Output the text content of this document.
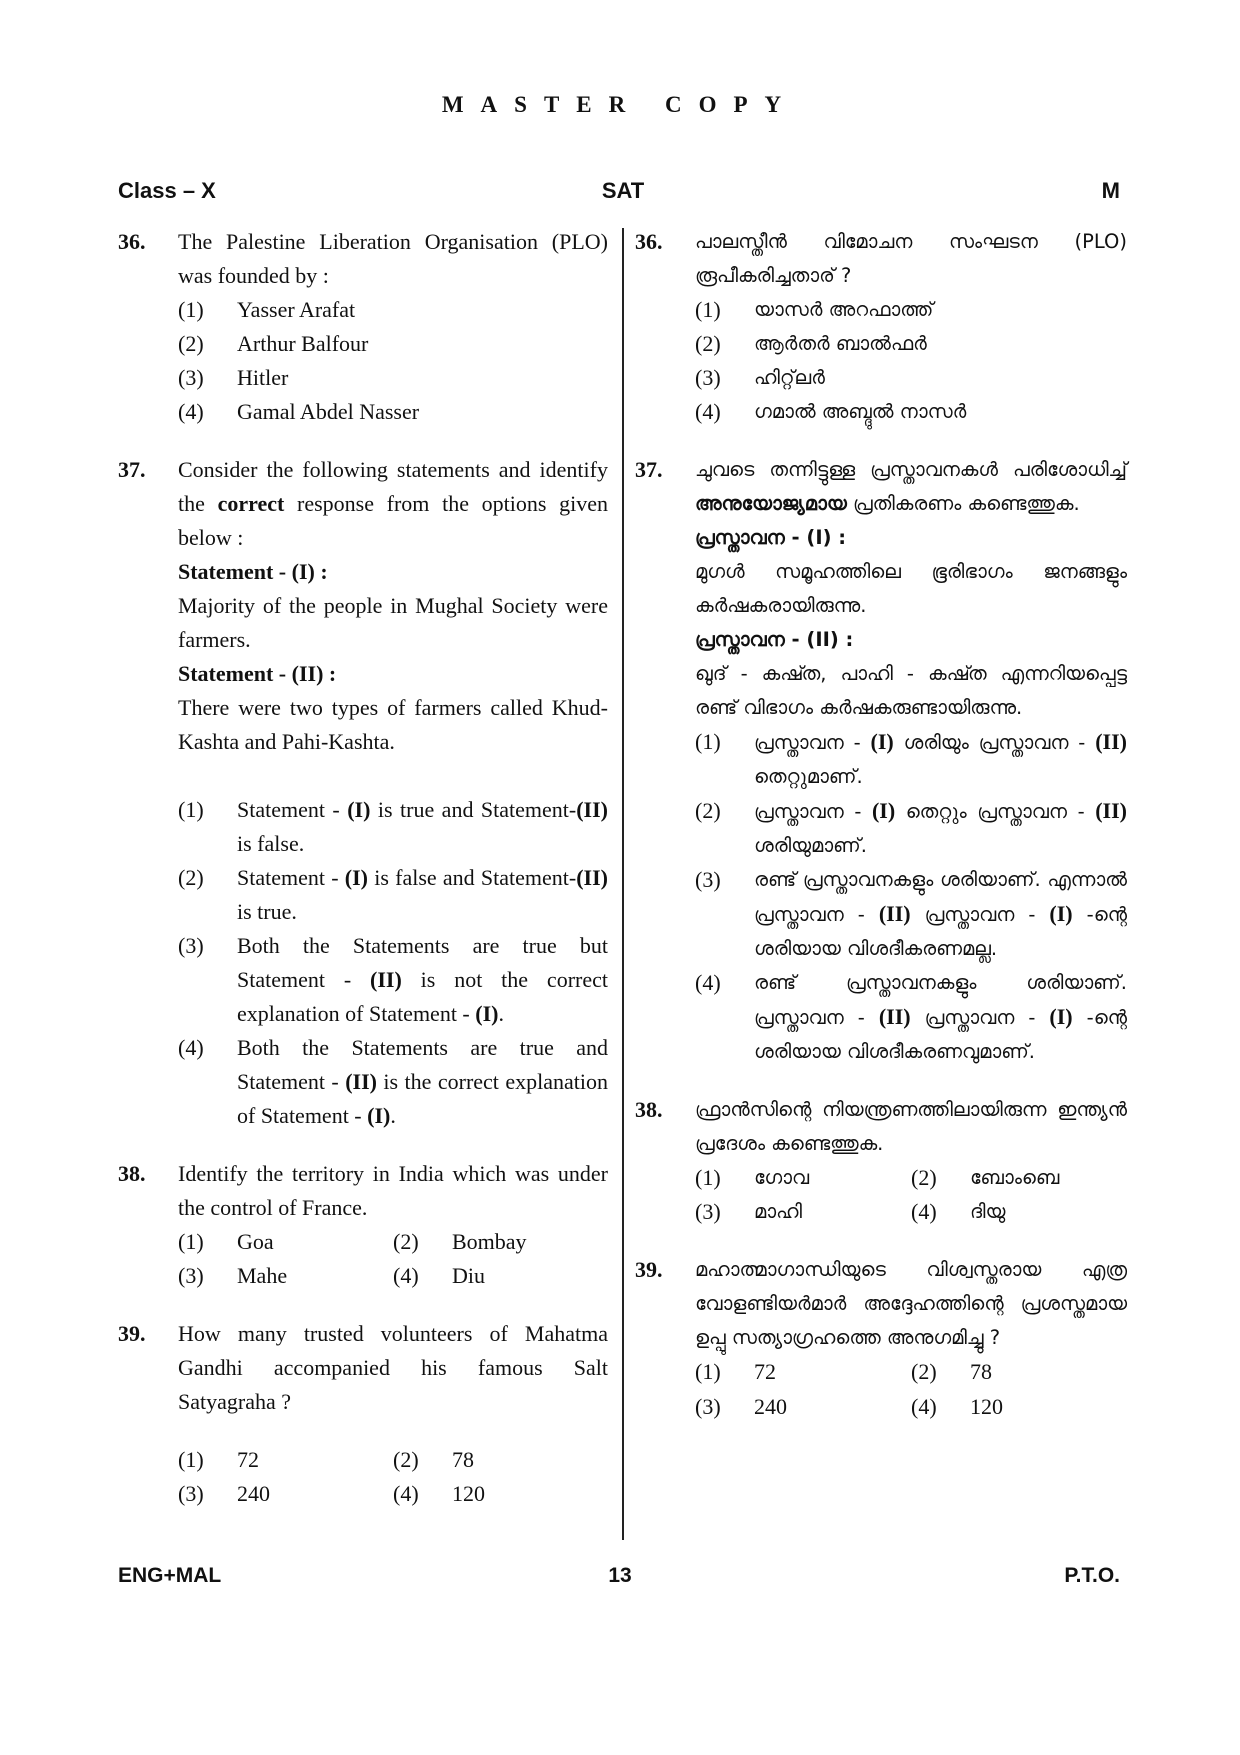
MASTER COPY
Class – X	SAT	M
36. The Palestine Liberation Organisation (PLO) was founded by :
(1) Yasser Arafat
(2) Arthur Balfour
(3) Hitler
(4) Gamal Abdel Nasser
37. Consider the following statements and identify the correct response from the options given below :
Statement - (I) :
Majority of the people in Mughal Society were farmers.
Statement - (II) :
There were two types of farmers called Khud-Kashta and Pahi-Kashta.
(1) Statement - (I) is true and Statement-(II) is false.
(2) Statement - (I) is false and Statement-(II) is true.
(3) Both the Statements are true but Statement - (II) is not the correct explanation of Statement - (I).
(4) Both the Statements are true and Statement - (II) is the correct explanation of Statement - (I).
38. Identify the territory in India which was under the control of France.
(1) Goa	(2) Bombay
(3) Mahe	(4) Diu
39. How many trusted volunteers of Mahatma Gandhi accompanied his famous Salt Satyagraha ?
(1) 72	(2) 78
(3) 240	(4) 120
36. പാലസ്തീൻ വിമോചന സംഘടന (PLO) രൂപീകരിച്ചതാര് ?
(1) യാസർ അറഫാത്ത്
(2) ആർതർ ബാൽഫർ
(3) ഹിറ്റ്‌ലർ
(4) ഗമാൽ അബ്ദുൽ നാസർ
37. ചുവടെ തന്നിട്ടുള്ള പ്രസ്താവനകൾ പരിശോധിച്ച് അനുയോജ്യമായ പ്രതികരണം കണ്ടെത്തുക.
പ്രസ്താവന - (I) :
മുഗൾ സമൂഹത്തിലെ ഭൂരിഭാഗം ജനങ്ങളും കർഷകരായിരുന്നു.
പ്രസ്താവന - (II) :
ഖുദ് - കഷ്ത, പാഹി - കഷ്ത എന്നറിയപ്പെട്ട രണ്ട് വിഭാഗം കർഷകരുണ്ടായിരുന്നു.
(1) പ്രസ്താവന - (I) ശരിയും പ്രസ്താവന - (II) തെറ്റുമാണ്.
(2) പ്രസ്താവന - (I) തെറ്റും പ്രസ്താവന - (II) ശരിയുമാണ്.
(3) രണ്ട് പ്രസ്താവനകളും ശരിയാണ്. എന്നാൽ പ്രസ്താവന - (II) പ്രസ്താവന - (I) -ന്റെ ശരിയായ വിശദീകരണമല്ല.
(4) രണ്ട് പ്രസ്താവനകളും ശരിയാണ്. പ്രസ്താവന - (II) പ്രസ്താവന - (I) -ന്റെ ശരിയായ വിശദീകരണവുമാണ്.
38. ഫ്രാൻസിന്റെ നിയന്ത്രണത്തിലായിരുന്ന ഇന്ത്യൻ പ്രദേശം കണ്ടെത്തുക.
(1) ഗോവ	(2) ബോംബെ
(3) മാഹി	(4) ദിയു
39. മഹാത്മാഗാന്ധിയുടെ വിശ്വസ്തരായ എത്ര വോളണ്ടിയർമാർ അദ്ദേഹത്തിന്റെ പ്രശസ്തമായ ഉപ്പു സത്യാഗ്രഹത്തെ അനുഗമിച്ചു ?
(1) 72	(2) 78
(3) 240	(4) 120
ENG+MAL	13	P.T.O.
